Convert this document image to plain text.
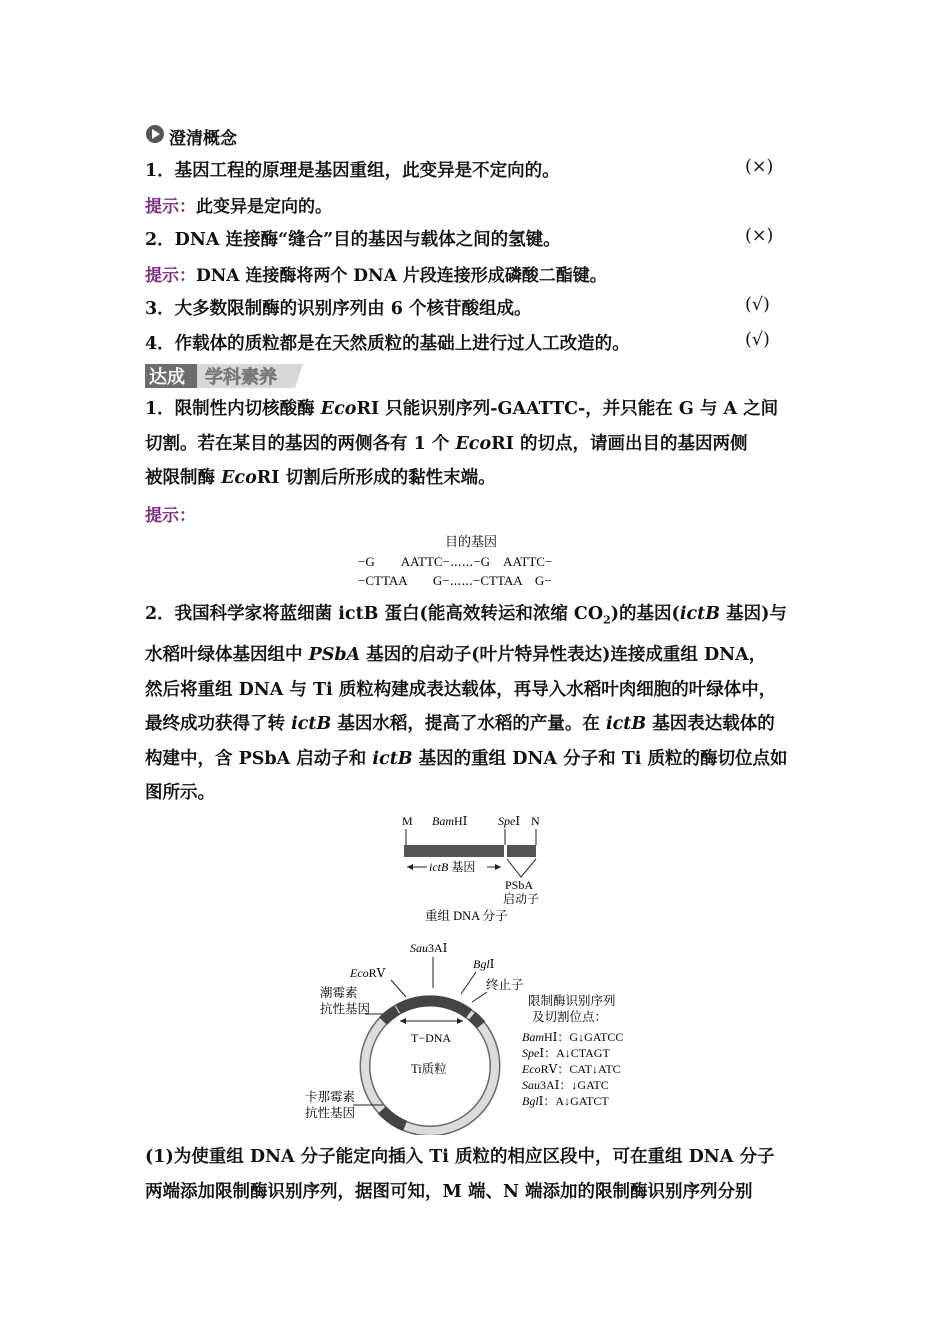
澄清概念
1．基因工程的原理是基因重组，此变异是不定向的。	(×)
提示：此变异是定向的。
2．DNA 连接酶“缝合”目的基因与载体之间的氢键。	(×)
提示：DNA 连接酶将两个 DNA 片段连接形成磷酸二酯键。
3．大多数限制酶的识别序列由 6 个核苷酸组成。	(√)
4．作载体的质粒都是在天然质粒的基础上进行过人工改造的。	(√)
达成 学科素养
1．限制性内切核酸酶 EcoRⅠ 只能识别序列-GAATTC-，并只能在 G 与 A 之间
切割。若在某目的基因的两侧各有 1 个 EcoRⅠ 的切点，请画出目的基因两侧
被限制酶 EcoRⅠ 切割后所形成的黏性末端。
提示：
目的基因
−G　　AATTC−⋯⋯−G　AATTC−
−CTTAA　　G−⋯⋯−CTTAA　G−
2．我国科学家将蓝细菌 ictB 蛋白(能高效转运和浓缩 $CO_2$)的基因(ictB 基因)与
水稻叶绿体基因组中 PSbA 基因的启动子(叶片特异性表达)连接成重组 DNA，
然后将重组 DNA 与 Ti 质粒构建成表达载体，再导入水稻叶肉细胞的叶绿体中，
最终成功获得了转 ictB 基因水稻，提高了水稻的产量。在 ictB 基因表达载体的
构建中，含 PSbA 启动子和 ictB 基因的重组 DNA 分子和 Ti 质粒的酶切位点如
图所示。
M BamHⅠ	SpeⅠ N
ictB 基因
PSbA
启动子
重组 DNA 分子
Sau3AⅠ
EcoRⅤ
BglⅠ
终止子
潮霉素
抗性基因
T−DNA
Ti质粒
卡那霉素
抗性基因
限制酶识别序列
及切割位点：
BamHⅠ：G↓GATCC
SpeⅠ：A↓CTAGT
EcoRⅤ：CAT↓ATC
Sau3AⅠ：↓GATC
BglⅠ：A↓GATCT
(1)为使重组 DNA 分子能定向插入 Ti 质粒的相应区段中，可在重组 DNA 分子
两端添加限制酶识别序列，据图可知，M 端、N 端添加的限制酶识别序列分别
